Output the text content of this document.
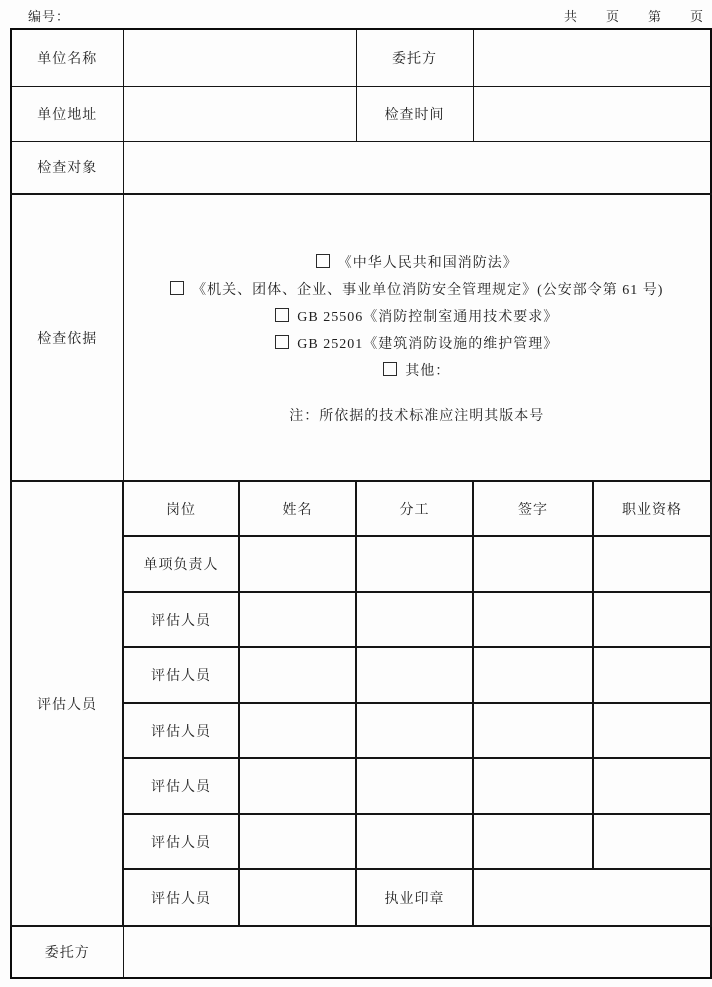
编号：	共　　页　　第　　页
单位名称			委托方		
单位地址			检查时间		
检查对象					
检查依据	
《中华人民共和国消防法》
《机关、团体、企业、事业单位消防安全管理规定》(公安部令第 61 号)
GB 25506《消防控制室通用技术要求》
GB 25201《建筑消防设施的维护管理》
其他：
注：所依据的技术标准应注明其版本号

评估人员	岗位	姓名	分工	签字	职业资格
	单项负责人				
	评估人员				
	评估人员				
	评估人员				
	评估人员				
	评估人员				
	评估人员		执业印章		
委托方					
